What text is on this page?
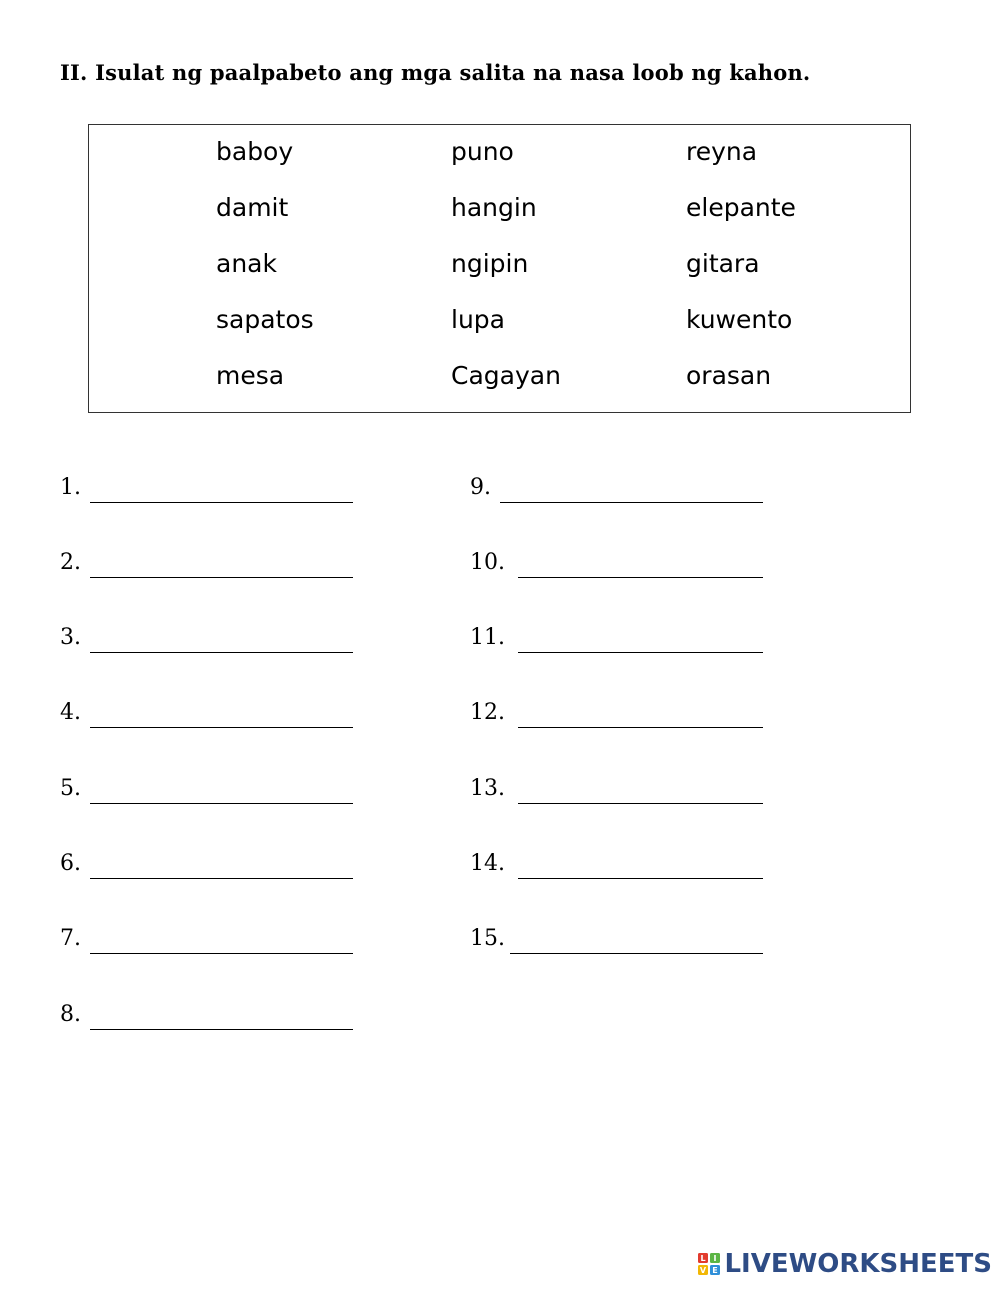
II. Isulat ng paalpabeto ang mga salita na nasa loob ng kahon.
baboy
damit
anak
sapatos
mesa
puno
hangin
ngipin
lupa
Cagayan
reyna
elepante
gitara
kuwento
orasan
1.
2.
3.
4.
5.
6.
7.
8.
9.
10.
11.
12.
13.
14.
15.
L I
V E LIVEWORKSHEETS
